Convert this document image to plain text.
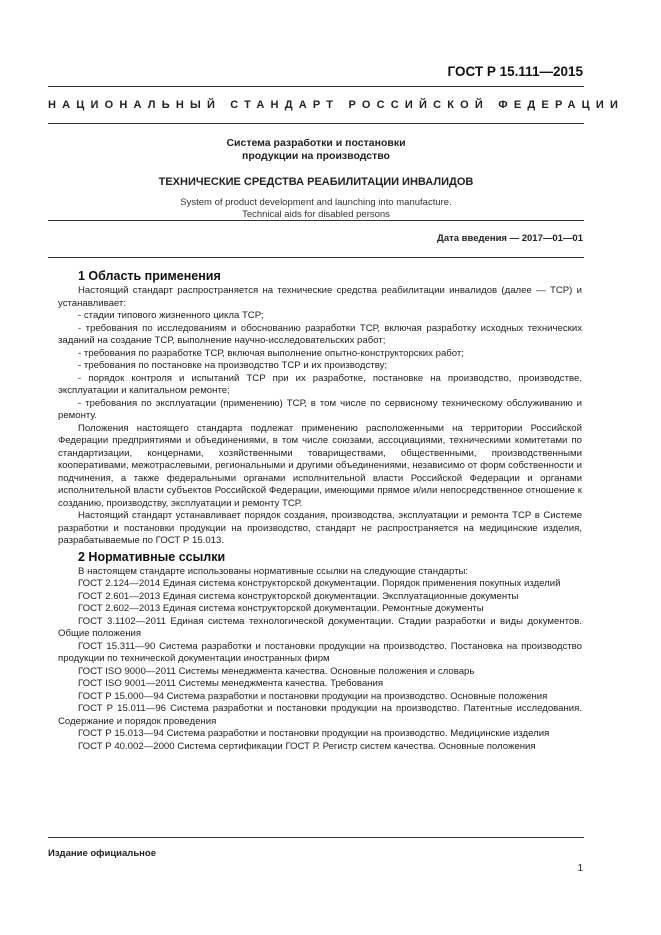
ГОСТ Р 15.111—2015
НАЦИОНАЛЬНЫЙ СТАНДАРТ РОССИЙСКОЙ ФЕДЕРАЦИИ
Система разработки и постановки продукции на производство
ТЕХНИЧЕСКИЕ СРЕДСТВА РЕАБИЛИТАЦИИ ИНВАЛИДОВ
System of product development and launching into manufacture. Technical aids for disabled persons
Дата введения — 2017—01—01
1 Область применения

Настоящий стандарт распространяется на технические средства реабилитации инвалидов (далее — ТСР) и устанавливает:

- стадии типового жизненного цикла ТСР;

- требования по исследованиям и обоснованию разработки ТСР, включая разработку исходных технических заданий на создание ТСР, выполнение научно-исследовательских работ;

- требования по разработке ТСР, включая выполнение опытно-конструкторских работ;

- требования по постановке на производство ТСР и их производству;

- порядок контроля и испытаний ТСР при их разработке, постановке на производство, производстве, эксплуатации и капитальном ремонте;

- требования по эксплуатации (применению) ТСР, в том числе по сервисному техническому обслуживанию и ремонту.

Положения настоящего стандарта подлежат применению расположенными на территории Российской Федерации предприятиями и объединениями, в том числе союзами, ассоциациями, техническими комитетами по стандартизации, концернами, хозяйственными товариществами, общественными, производственными кооперативами, межотраслевыми, региональными и другими объединениями, независимо от форм собственности и подчинения, а также федеральными органами исполнительной власти Российской Федерации и органами исполнительной власти субъектов Российской Федерации, имеющими прямое и/или непосредственное отношение к созданию, производству, эксплуатации и ремонту ТСР.

Настоящий стандарт устанавливает порядок создания, производства, эксплуатации и ремонта ТСР в Системе разработки и постановки продукции на производство, стандарт не распространяется на медицинские изделия, разрабатываемые по ГОСТ Р 15.013.

2 Нормативные ссылки

В настоящем стандарте использованы нормативные ссылки на следующие стандарты:

ГОСТ 2.124—2014 Единая система конструкторской документации. Порядок применения покупных изделий

ГОСТ 2.601—2013 Единая система конструкторской документации. Эксплуатационные документы

ГОСТ 2.602—2013 Единая система конструкторской документации. Ремонтные документы

ГОСТ 3.1102—2011 Единая система технологической документации. Стадии разработки и виды документов. Общие положения

ГОСТ 15.311—90 Система разработки и постановки продукции на производство. Постановка на производство продукции по технической документации иностранных фирм

ГОСТ ISO 9000—2011 Системы менеджмента качества. Основные положения и словарь

ГОСТ ISO 9001—2011 Системы менеджмента качества. Требования

ГОСТ Р 15.000—94 Система разработки и постановки продукции на производство. Основные положения

ГОСТ Р 15.011—96 Система разработки и постановки продукции на производство. Патентные исследования. Содержание и порядок проведения

ГОСТ Р 15.013—94 Система разработки и постановки продукции на производство. Медицинские изделия

ГОСТ Р 40.002—2000 Система сертификации ГОСТ Р. Регистр систем качества. Основные положения

Издание официальное
1
